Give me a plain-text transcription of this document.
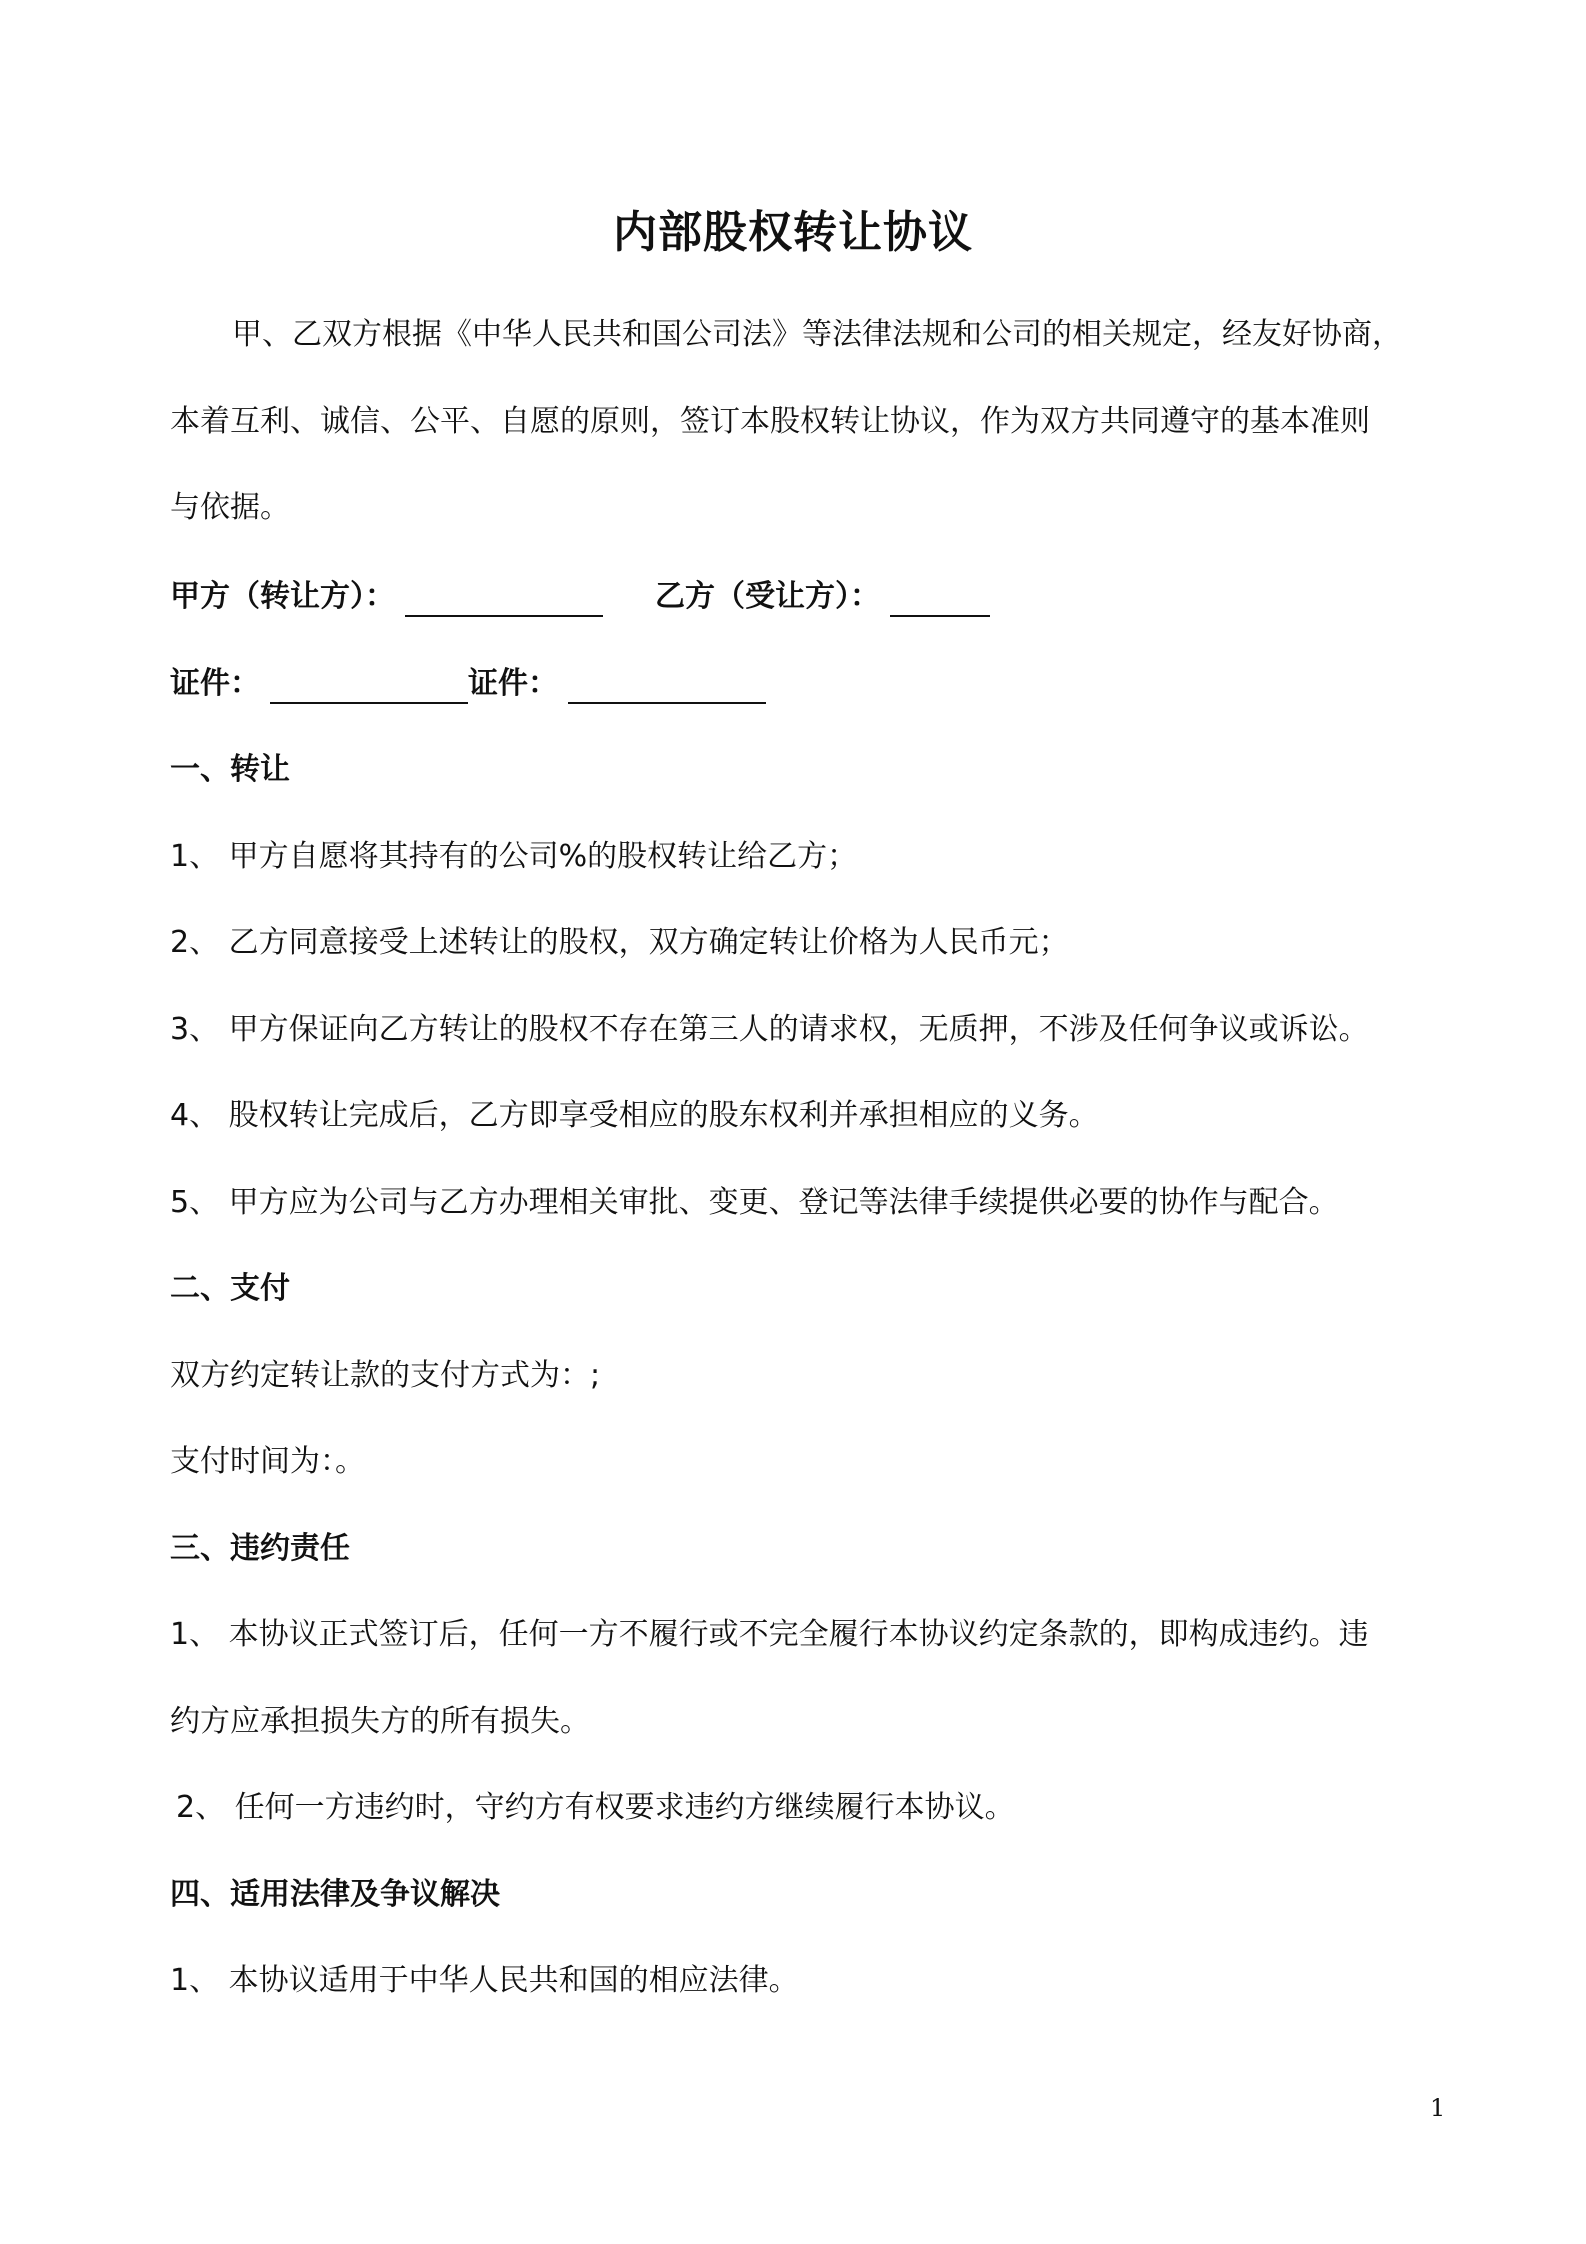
内部股权转让协议
甲、乙双方根据《中华人民共和国公司法》等法律法规和公司的相关规定，经友好协商，
本着互利、诚信、公平、自愿的原则，签订本股权转让协议，作为双方共同遵守的基本准则
与依据。
甲方（转让方）：	乙方（受让方）：
证件：	证件：
一、转让
1、 甲方自愿将其持有的公司%的股权转让给乙方；
2、 乙方同意接受上述转让的股权，双方确定转让价格为人民币元；
3、 甲方保证向乙方转让的股权不存在第三人的请求权，无质押，不涉及任何争议或诉讼。
4、 股权转让完成后，乙方即享受相应的股东权利并承担相应的义务。
5、 甲方应为公司与乙方办理相关审批、变更、登记等法律手续提供必要的协作与配合。
二、支付
双方约定转让款的支付方式为：;
支付时间为：。
三、违约责任
1、 本协议正式签订后，任何一方不履行或不完全履行本协议约定条款的，即构成违约。违
约方应承担损失方的所有损失。
2、 任何一方违约时，守约方有权要求违约方继续履行本协议。
四、适用法律及争议解决
1、 本协议适用于中华人民共和国的相应法律。
1
